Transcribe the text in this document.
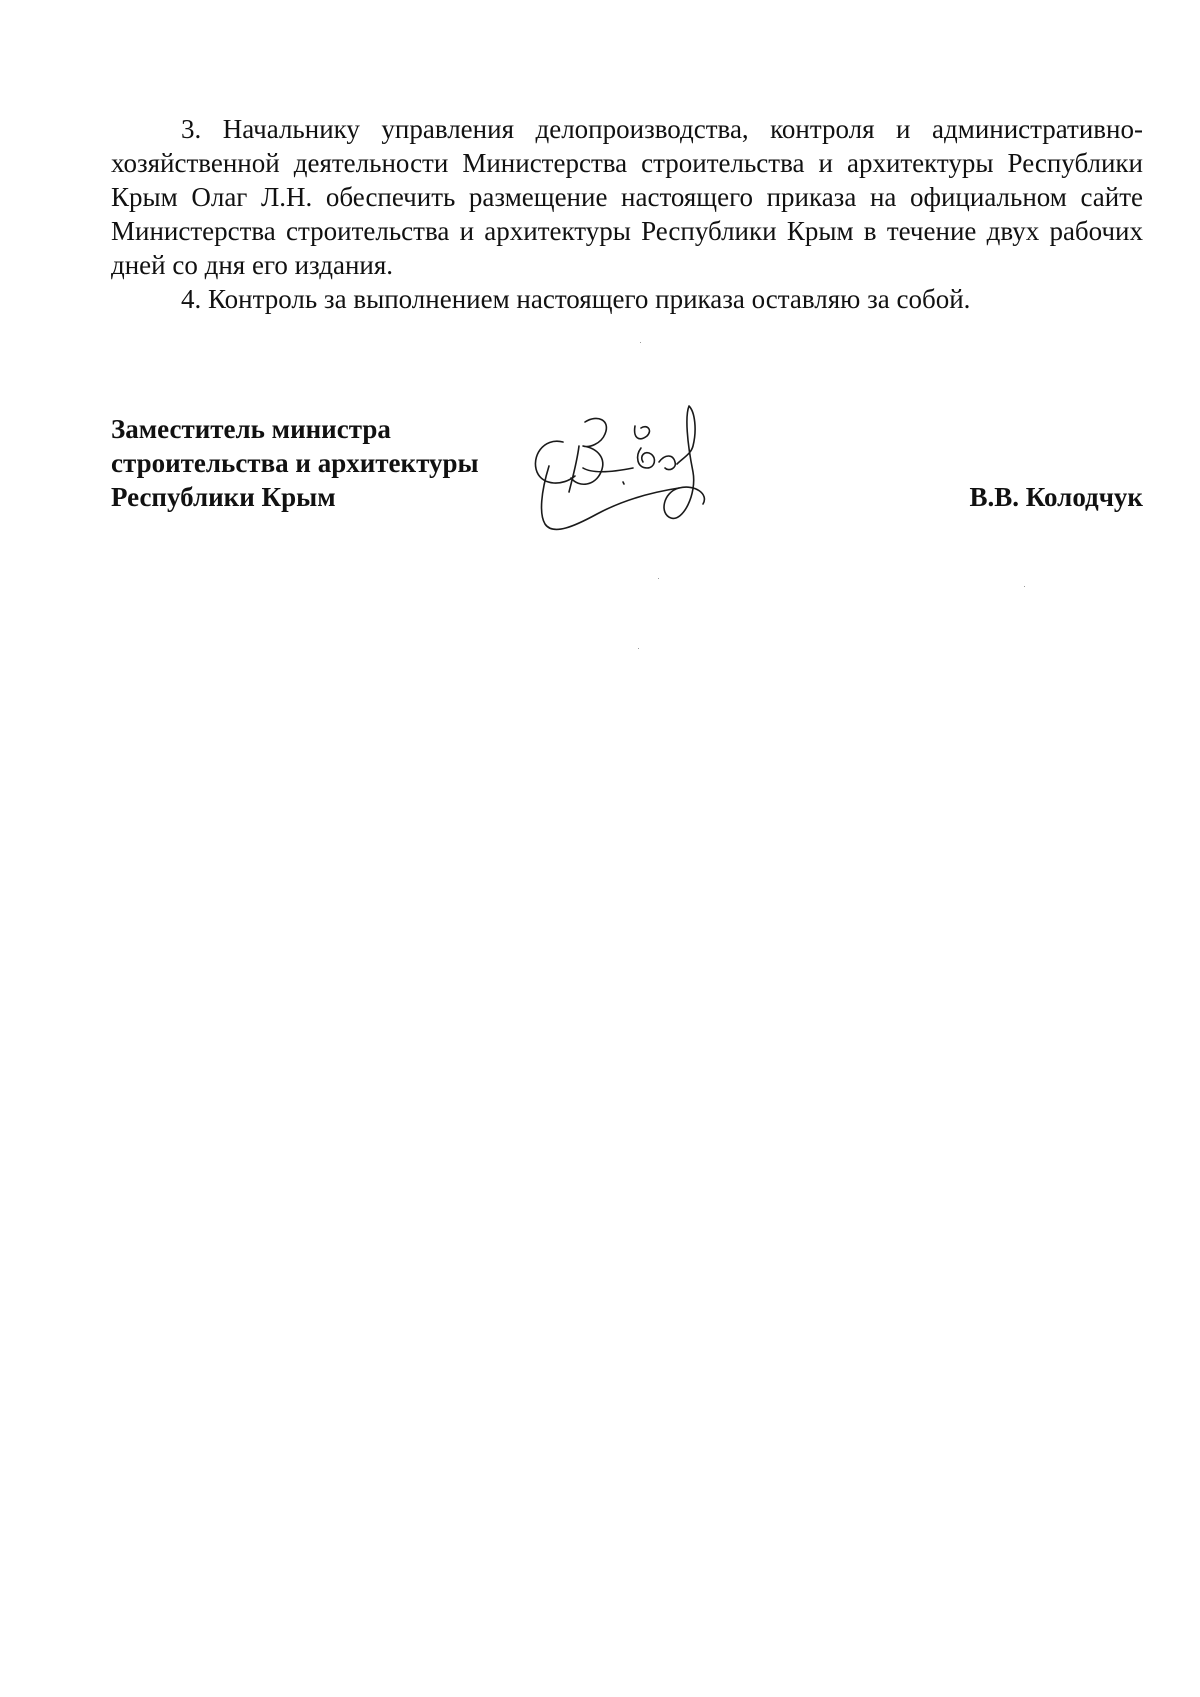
3. Начальнику управления делопроизводства, контроля и административно-хозяйственной деятельности Министерства строительства и архитектуры Республики Крым Олаг Л.Н. обеспечить размещение настоящего приказа на официальном сайте Министерства строительства и архитектуры Республики Крым в течение двух рабочих дней со дня его издания.

4. Контроль за выполнением настоящего приказа оставляю за собой.

Заместитель министра
строительства и архитектуры
Республики Крым	В.В. Колодчук
